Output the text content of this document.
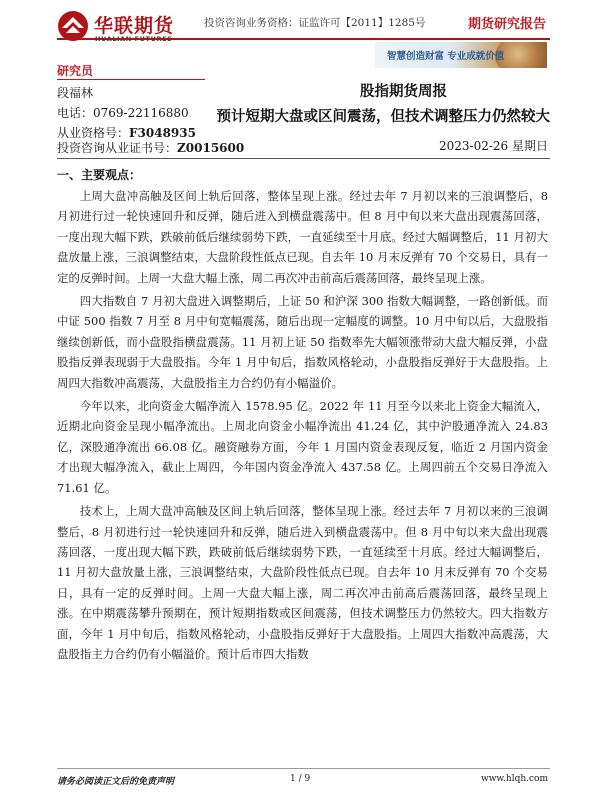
华联期货	投资咨询业务资格：证监许可【2011】1285号	期货研究报告
智慧创造财富 专业成就价值
研究员
段福林
电话：0769-22116880
从业资格号：F3048935
投资咨询从业证书号：Z0015600
股指期货周报
预计短期大盘或区间震荡，但技术调整压力仍然较大
2023-02-26 星期日
一、主要观点：

上周大盘冲高触及区间上轨后回落，整体呈现上涨。经过去年 7 月初以来的三浪调整后，8 月初进行过一轮快速回升和反弹，随后进入到横盘震荡中。但 8 月中旬以来大盘出现震荡回落，一度出现大幅下跌，跌破前低后继续弱势下跌，一直延续至十月底。经过大幅调整后，11 月初大盘放量上涨，三浪调整结束，大盘阶段性低点已现。自去年 10 月末反弹有 70 个交易日，具有一定的反弹时间。上周一大盘大幅上涨，周二再次冲击前高后震荡回落，最终呈现上涨。

四大指数自 7 月初大盘进入调整期后，上证 50 和沪深 300 指数大幅调整，一路创新低。而中证 500 指数 7 月至 8 月中旬宽幅震荡，随后出现一定幅度的调整。10 月中旬以后，大盘股指继续创新低，而小盘股指横盘震荡。11 月初上证 50 指数率先大幅领涨带动大盘大幅反弹，小盘股指反弹表现弱于大盘股指。今年 1 月中旬后，指数风格轮动，小盘股指反弹好于大盘股指。上周四大指数冲高震荡，大盘股指主力合约仍有小幅溢价。

今年以来，北向资金大幅净流入 1578.95 亿。2022 年 11 月至今以来北上资金大幅流入，近期北向资金呈现小幅净流出。上周北向资金小幅净流出 41.24 亿，其中沪股通净流入 24.83 亿，深股通净流出 66.08 亿。融资融券方面，今年 1 月国内资金表现反复，临近 2 月国内资金才出现大幅净流入，截止上周四，今年国内资金净流入 437.58 亿。上周四前五个交易日净流入 71.61 亿。

技术上，上周大盘冲高触及区间上轨后回落，整体呈现上涨。经过去年 7 月初以来的三浪调整后，8 月初进行过一轮快速回升和反弹，随后进入到横盘震荡中。但 8 月中旬以来大盘出现震荡回落，一度出现大幅下跌，跌破前低后继续弱势下跌，一直延续至十月底。经过大幅调整后，11 月初大盘放量上涨，三浪调整结束，大盘阶段性低点已现。自去年 10 月末反弹有 70 个交易日，具有一定的反弹时间。上周一大盘大幅上涨，周二再次冲击前高后震荡回落，最终呈现上涨。在中期震荡攀升预期在，预计短期指数或区间震荡，但技术调整压力仍然较大。四大指数方面，今年 1 月中旬后，指数风格轮动，小盘股指反弹好于大盘股指。上周四大指数冲高震荡，大盘股指主力合约仍有小幅溢价。预计后市四大指数

请务必阅读正文后的免责声明	1 / 9	www.hlqh.com
